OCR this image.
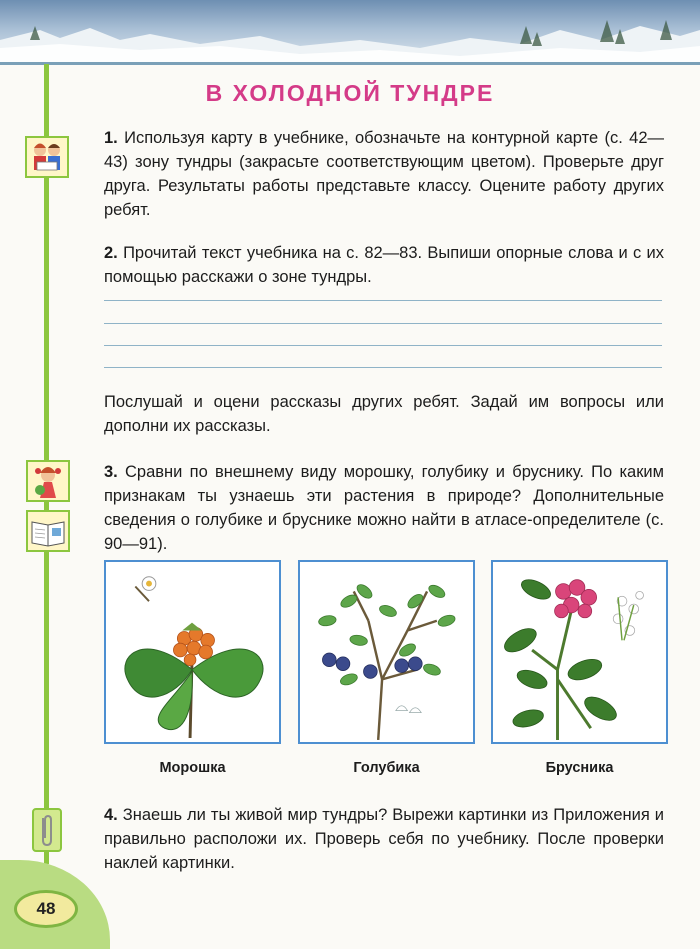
48
В ХОЛОДНОЙ ТУНДРЕ
1. Используя карту в учебнике, обозначьте на контурной карте (с. 42—43) зону тундры (закрасьте соответствующим цветом). Проверьте друг друга. Результаты работы представьте классу. Оцените работу других ребят.
2. Прочитай текст учебника на с. 82—83. Выпиши опорные слова и с их помощью расскажи о зоне тундры.
Послушай и оцени рассказы других ребят. Задай им вопросы или дополни их рассказы.
3. Сравни по внешнему виду морошку, голубику и бруснику. По каким признакам ты узнаешь эти растения в природе? Дополнительные сведения о голубике и бруснике можно найти в атласе-определителе (с. 90—91).
Морошка	Голубика	Брусника
4. Знаешь ли ты живой мир тундры? Вырежи картинки из Приложения и правильно расположи их. Проверь себя по учебнику. После проверки наклей картинки.
